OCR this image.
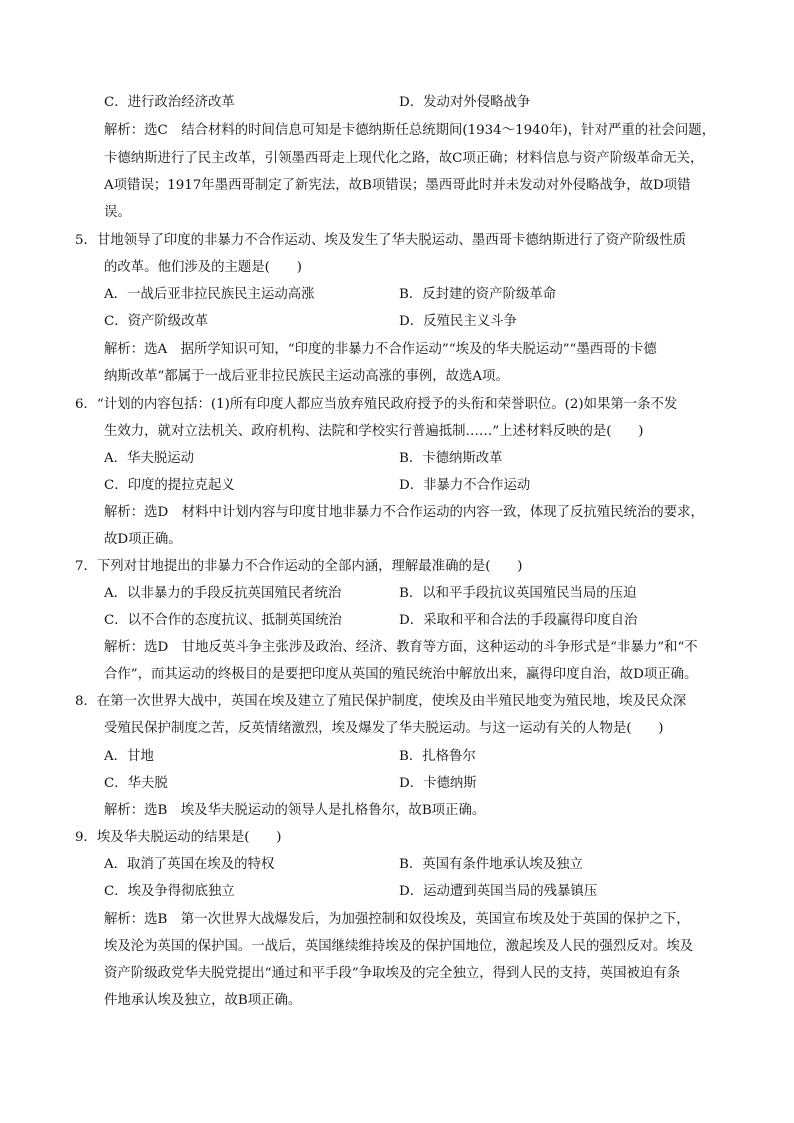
C．进行政治经济改革	D．发动对外侵略战争
解析：选C　结合材料的时间信息可知是卡德纳斯任总统期间(1934～1940年)，针对严重的社会问题，
卡德纳斯进行了民主改革，引领墨西哥走上现代化之路，故C项正确；材料信息与资产阶级革命无关，
A项错误；1917年墨西哥制定了新宪法，故B项错误；墨西哥此时并未发动对外侵略战争，故D项错
误。
5．甘地领导了印度的非暴力不合作运动、埃及发生了华夫脱运动、墨西哥卡德纳斯进行了资产阶级性质
的改革。他们涉及的主题是(　　)
A．一战后亚非拉民族民主运动高涨	B．反封建的资产阶级革命
C．资产阶级改革	D．反殖民主义斗争
解析：选A　据所学知识可知，“印度的非暴力不合作运动”“埃及的华夫脱运动”“墨西哥的卡德
纳斯改革”都属于一战后亚非拉民族民主运动高涨的事例，故选A项。
6．“计划的内容包括：(1)所有印度人都应当放弃殖民政府授予的头衔和荣誉职位。(2)如果第一条不发
生效力，就对立法机关、政府机构、法院和学校实行普遍抵制……”上述材料反映的是(　　)
A．华夫脱运动	B．卡德纳斯改革
C．印度的提拉克起义	D．非暴力不合作运动
解析：选D　材料中计划内容与印度甘地非暴力不合作运动的内容一致，体现了反抗殖民统治的要求，
故D项正确。
7．下列对甘地提出的非暴力不合作运动的全部内涵，理解最准确的是(　　)
A．以非暴力的手段反抗英国殖民者统治	B．以和平手段抗议英国殖民当局的压迫
C．以不合作的态度抗议、抵制英国统治	D．采取和平和合法的手段赢得印度自治
解析：选D　甘地反英斗争主张涉及政治、经济、教育等方面，这种运动的斗争形式是“非暴力”和“不
合作”，而其运动的终极目的是要把印度从英国的殖民统治中解放出来，赢得印度自治，故D项正确。
8．在第一次世界大战中，英国在埃及建立了殖民保护制度，使埃及由半殖民地变为殖民地，埃及民众深
受殖民保护制度之苦，反英情绪激烈，埃及爆发了华夫脱运动。与这一运动有关的人物是(　　)
A．甘地	B．扎格鲁尔
C．华夫脱	D．卡德纳斯
解析：选B　埃及华夫脱运动的领导人是扎格鲁尔，故B项正确。
9．埃及华夫脱运动的结果是(　　)
A．取消了英国在埃及的特权	B．英国有条件地承认埃及独立
C．埃及争得彻底独立	D．运动遭到英国当局的残暴镇压
解析：选B　第一次世界大战爆发后，为加强控制和奴役埃及，英国宣布埃及处于英国的保护之下，
埃及沦为英国的保护国。一战后，英国继续维持埃及的保护国地位，激起埃及人民的强烈反对。埃及
资产阶级政党华夫脱党提出“通过和平手段”争取埃及的完全独立，得到人民的支持，英国被迫有条
件地承认埃及独立，故B项正确。
